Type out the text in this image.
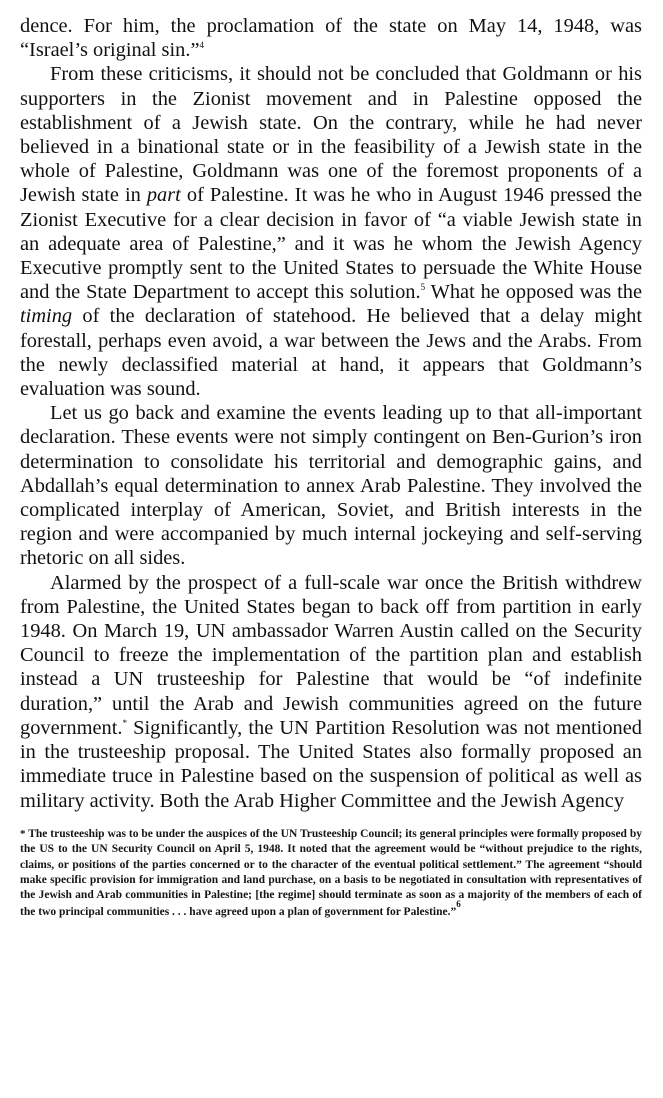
dence. For him, the proclamation of the state on May 14, 1948, was “Israel’s original sin.”$^4$

From these criticisms, it should not be concluded that Goldmann or his supporters in the Zionist movement and in Palestine opposed the establishment of a Jewish state. On the contrary, while he had never believed in a binational state or in the feasibility of a Jewish state in the whole of Palestine, Goldmann was one of the foremost proponents of a Jewish state in part of Palestine. It was he who in August 1946 pressed the Zionist Executive for a clear decision in favor of “a viable Jewish state in an adequate area of Palestine,” and it was he whom the Jewish Agency Executive promptly sent to the United States to persuade the White House and the State Department to accept this solution.$^5$ What he opposed was the timing of the declaration of statehood. He believed that a delay might forestall, perhaps even avoid, a war between the Jews and the Arabs. From the newly declassified material at hand, it appears that Goldmann’s evaluation was sound.

Let us go back and examine the events leading up to that all-important declaration. These events were not simply contingent on Ben-Gurion’s iron determination to consolidate his territorial and demographic gains, and Abdallah’s equal determination to annex Arab Palestine. They involved the complicated interplay of American, Soviet, and British interests in the region and were accompanied by much internal jockeying and self-serving rhetoric on all sides.

Alarmed by the prospect of a full-scale war once the British withdrew from Palestine, the United States began to back off from partition in early 1948. On March 19, UN ambassador Warren Austin called on the Security Council to freeze the implementation of the partition plan and establish instead a UN trusteeship for Palestine that would be “of indefinite duration,” until the Arab and Jewish communities agreed on the future government.* Significantly, the UN Partition Resolution was not mentioned in the trusteeship proposal. The United States also formally proposed an immediate truce in Palestine based on the suspension of political as well as military activity. Both the Arab Higher Committee and the Jewish Agency

* The trusteeship was to be under the auspices of the UN Trusteeship Council; its general principles were formally proposed by the US to the UN Security Council on April 5, 1948. It noted that the agreement would be “without prejudice to the rights, claims, or positions of the parties concerned or to the character of the eventual political settlement.” The agreement “should make specific provision for immigration and land purchase, on a basis to be negotiated in consultation with representatives of the Jewish and Arab communities in Palestine; [the regime] should terminate as soon as a majority of the members of each of the two principal communities . . . have agreed upon a plan of government for Palestine.”$^6$
